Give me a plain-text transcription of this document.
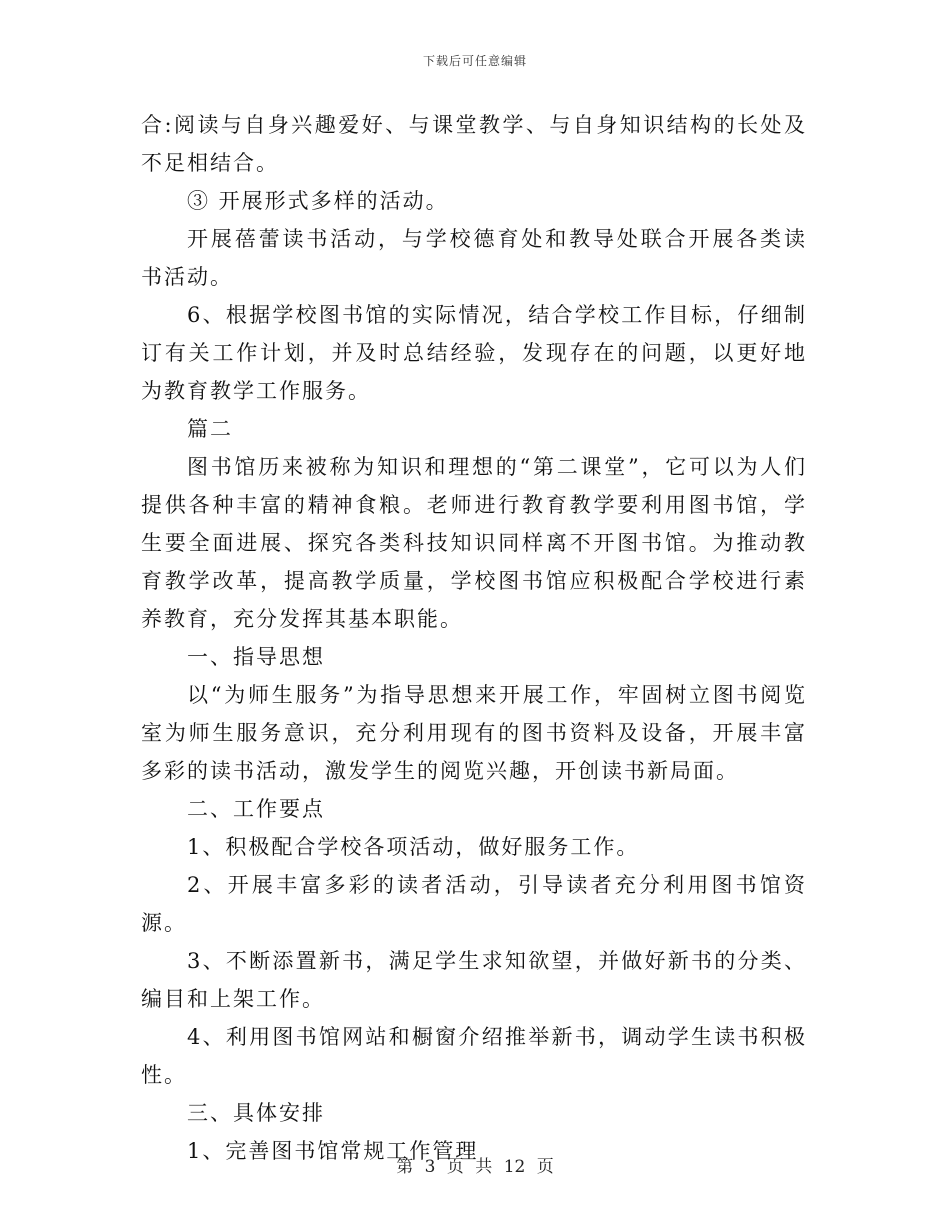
下载后可任意编辑

合:阅读与自身兴趣爱好、与课堂教学、与自身知识结构的长处及不足相结合。

③ 开展形式多样的活动。

开展蓓蕾读书活动，与学校德育处和教导处联合开展各类读书活动。

6、根据学校图书馆的实际情况，结合学校工作目标，仔细制订有关工作计划，并及时总结经验，发现存在的问题，以更好地为教育教学工作服务。

篇二

图书馆历来被称为知识和理想的“第二课堂”，它可以为人们提供各种丰富的精神食粮。老师进行教育教学要利用图书馆，学生要全面进展、探究各类科技知识同样离不开图书馆。为推动教育教学改革，提高教学质量，学校图书馆应积极配合学校进行素养教育，充分发挥其基本职能。

一、指导思想

以“为师生服务”为指导思想来开展工作，牢固树立图书阅览室为师生服务意识，充分利用现有的图书资料及设备，开展丰富多彩的读书活动，激发学生的阅览兴趣，开创读书新局面。

二、工作要点

1、积极配合学校各项活动，做好服务工作。

2、开展丰富多彩的读者活动，引导读者充分利用图书馆资源。

3、不断添置新书，满足学生求知欲望，并做好新书的分类、编目和上架工作。

4、利用图书馆网站和橱窗介绍推举新书，调动学生读书积极性。

三、具体安排

1、完善图书馆常规工作管理

第 3 页 共 12 页
